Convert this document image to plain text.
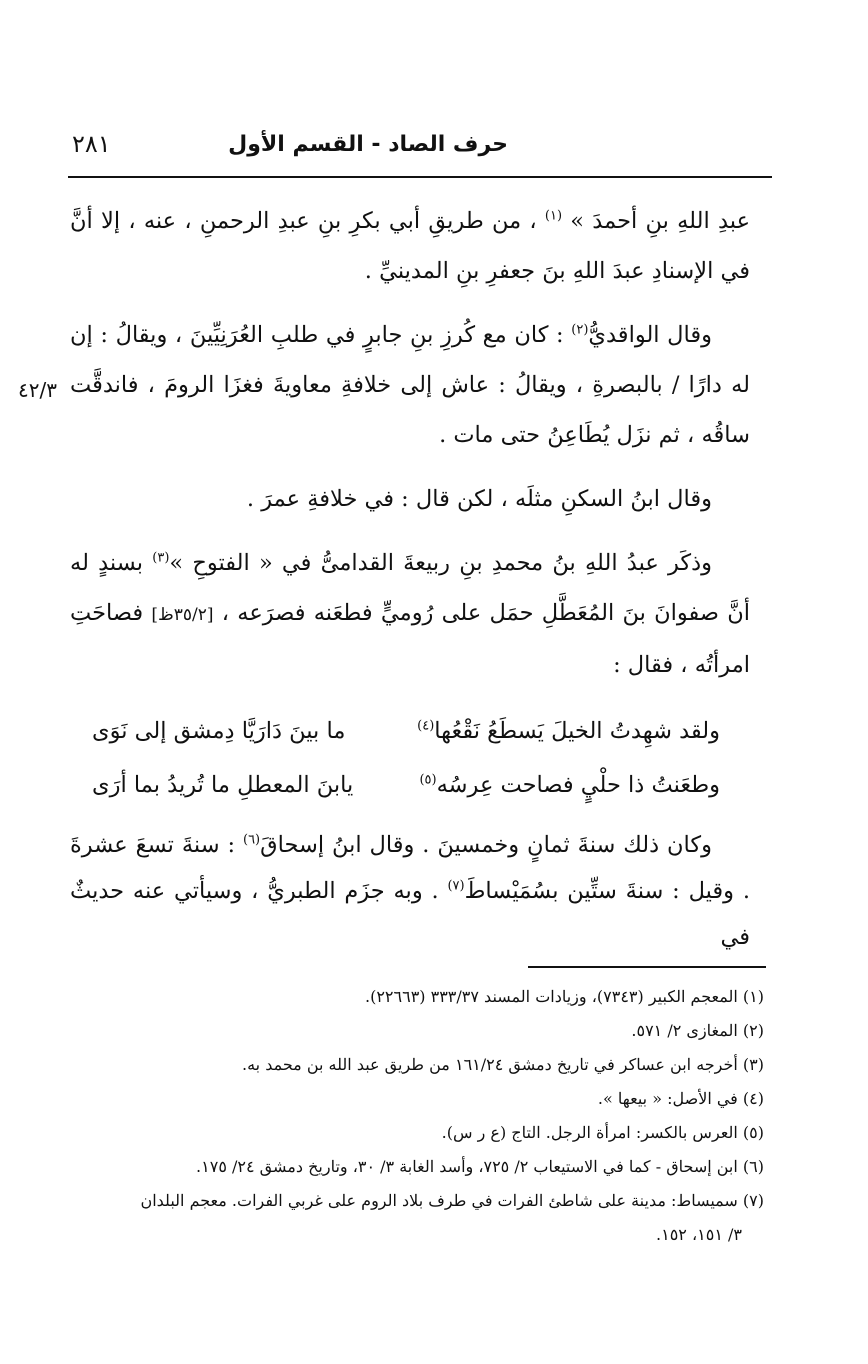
حرف الصاد - القسم الأول
٢٨١
٤٢/٣

عبدِ اللهِ بنِ أحمدَ » $^{(١)}$ ، من طريقِ أبي بكرِ بنِ عبدِ الرحمنِ ، عنه ، إلا أنَّ في الإسنادِ عبدَ اللهِ بنَ جعفرِ بنِ المدينيِّ .

وقال الواقديُّ$^{(٢)}$ : كان مع كُرزِ بنِ جابرٍ في طلبِ العُرَنِيِّينَ ، ويقالُ : إن له دارًا / بالبصرةِ ، ويقالُ : عاش إلى خلافةِ معاويةَ فغزَا الرومَ ، فاندقَّت ساقُه ، ثم نزَل يُطَاعِنُ حتى مات .

وقال ابنُ السكنِ مثلَه ، لكن قال : في خلافةِ عمرَ .

وذكَر عبدُ اللهِ بنُ محمدِ بنِ ربيعةَ القدامىُّ في « الفتوحِ »$^{(٣)}$ بسندٍ له أنَّ صفوانَ بنَ المُعَطَّلِ حمَل على رُوميٍّ فطعَنه فصرَعه ، [٣٥/٢ظ] فصاحَتِ امرأتُه ، فقال :

ولقد شهِدتُ الخيلَ يَسطَعُ نَقْعُها$^{(٤)}$
ما بينَ دَارَيَّا دِمشق إلى نَوَى
وطعَنتُ ذا حلْيٍ فصاحت عِرسُه$^{(٥)}$
يابنَ المعطلِ ما تُريدُ بما أرَى

وكان ذلك سنةَ ثمانٍ وخمسينَ . وقال ابنُ إسحاقَ$^{(٦)}$ : سنةَ تسعَ عشرةَ . وقيل : سنةَ ستِّين بسُمَيْساطَ$^{(٧)}$ . وبه جزَم الطبريُّ ، وسيأتي عنه حديثٌ في

(١) المعجم الكبير (٧٣٤٣)، وزيادات المسند ٣٣٣/٣٧ (٢٢٦٦٣).

(٢) المغازى ٢/ ٥٧١.

(٣) أخرجه ابن عساكر في تاريخ دمشق ١٦١/٢٤ من طريق عبد الله بن محمد به.

(٤) في الأصل: « بيعها ».

(٥) العرس بالكسر: امرأة الرجل. التاج (ع ر س).

(٦) ابن إسحاق - كما في الاستيعاب ٢/ ٧٢٥، وأسد الغابة ٣/ ٣٠، وتاريخ دمشق ٢٤/ ١٧٥.

(٧) سميساط: مدينة على شاطئ الفرات في طرف بلاد الروم على غربي الفرات. معجم البلدان

٣/ ١٥١، ١٥٢.
